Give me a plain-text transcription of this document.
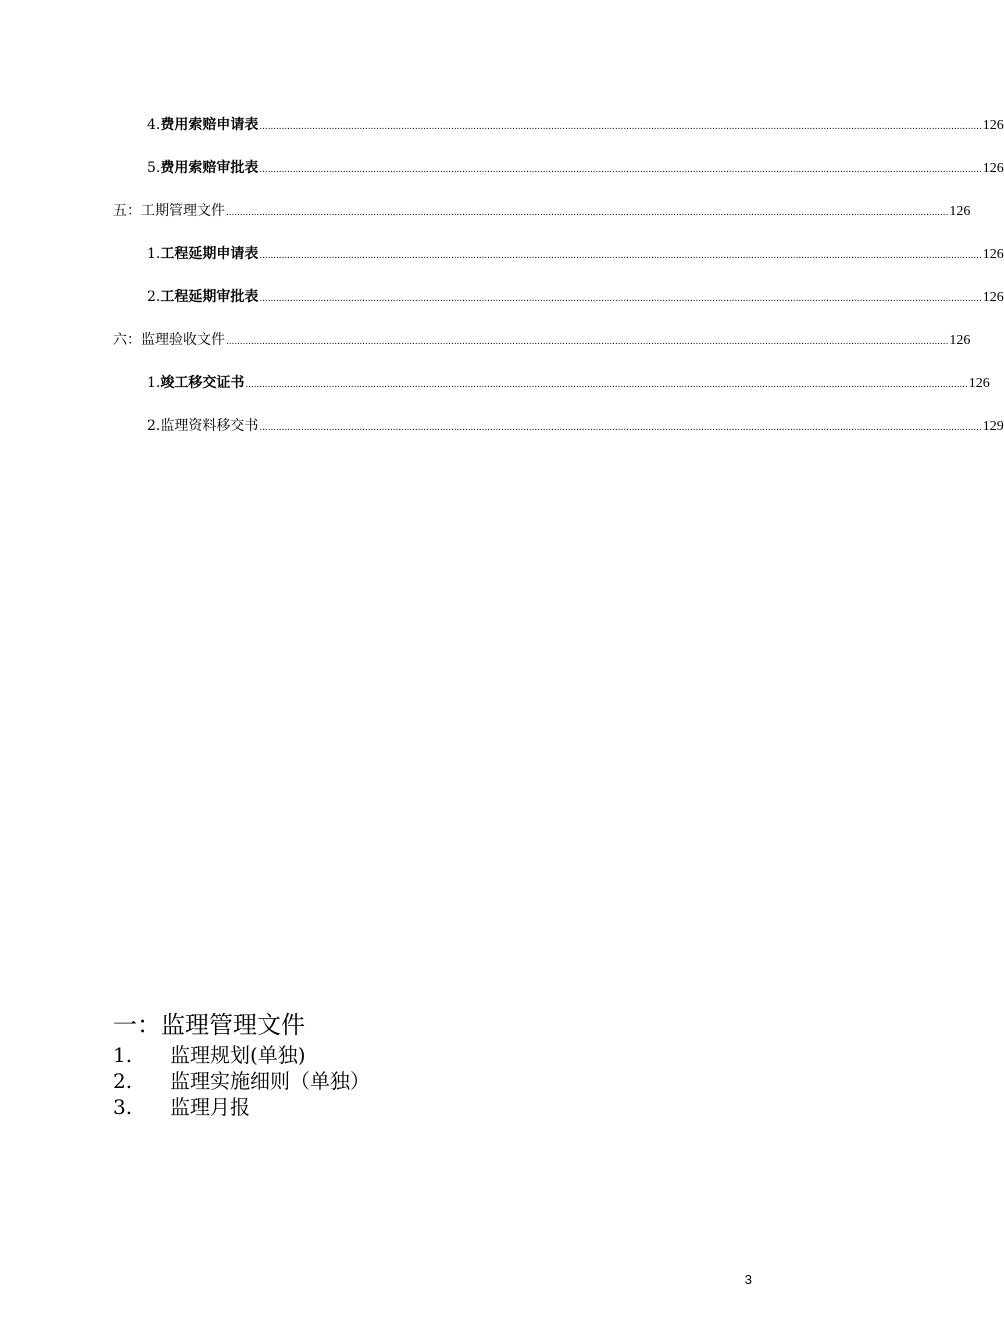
4. 费用索赔申请表 .................................................................................................................................................................................................................................................................... 126
5. 费用索赔审批表 .................................................................................................................................................................................................................................................................... 126
五：工期管理文件 .................................................................................................................................................................................................................................................................... 126
1. 工程延期申请表 .................................................................................................................................................................................................................................................................... 126
2. 工程延期审批表 .................................................................................................................................................................................................................................................................... 126
六：监理验收文件 .................................................................................................................................................................................................................................................................... 126
1. 竣工移交证书 .................................................................................................................................................................................................................................................................... 126
2. 监理资料移交书 .................................................................................................................................................................................................................................................................... 129
一：监理管理文件
1.	监理规划(单独)
2.	监理实施细则（单独）
3.	监理月报
3
